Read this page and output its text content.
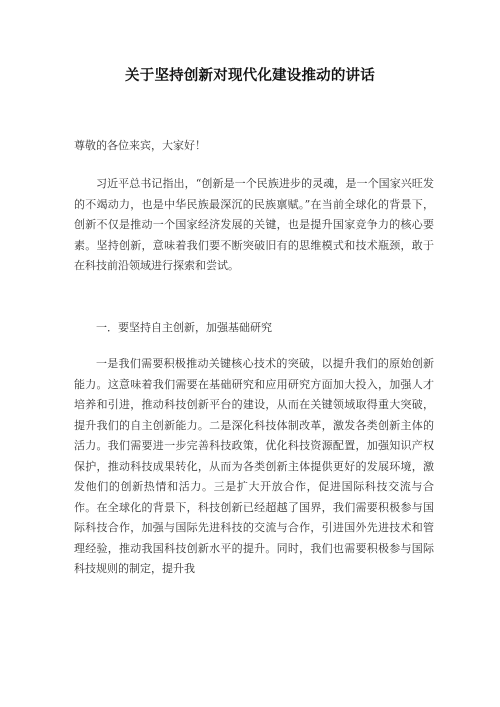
关于坚持创新对现代化建设推动的讲话

尊敬的各位来宾，大家好！

习近平总书记指出，“创新是一个民族进步的灵魂，是一个国家兴旺发的不竭动力，也是中华民族最深沉的民族禀赋。”在当前全球化的背景下，创新不仅是推动一个国家经济发展的关键，也是提升国家竞争力的核心要素。坚持创新，意味着我们要不断突破旧有的思维模式和技术瓶颈，敢于在科技前沿领域进行探索和尝试。

一．要坚持自主创新，加强基础研究

一是我们需要积极推动关键核心技术的突破，以提升我们的原始创新能力。这意味着我们需要在基础研究和应用研究方面加大投入，加强人才培养和引进，推动科技创新平台的建设，从而在关键领域取得重大突破，提升我们的自主创新能力。二是深化科技体制改革，激发各类创新主体的活力。我们需要进一步完善科技政策，优化科技资源配置，加强知识产权保护，推动科技成果转化，从而为各类创新主体提供更好的发展环境，激发他们的创新热情和活力。三是扩大开放合作，促进国际科技交流与合作。在全球化的背景下，科技创新已经超越了国界，我们需要积极参与国际科技合作，加强与国际先进科技的交流与合作，引进国外先进技术和管理经验，推动我国科技创新水平的提升。同时，我们也需要积极参与国际科技规则的制定，提升我
